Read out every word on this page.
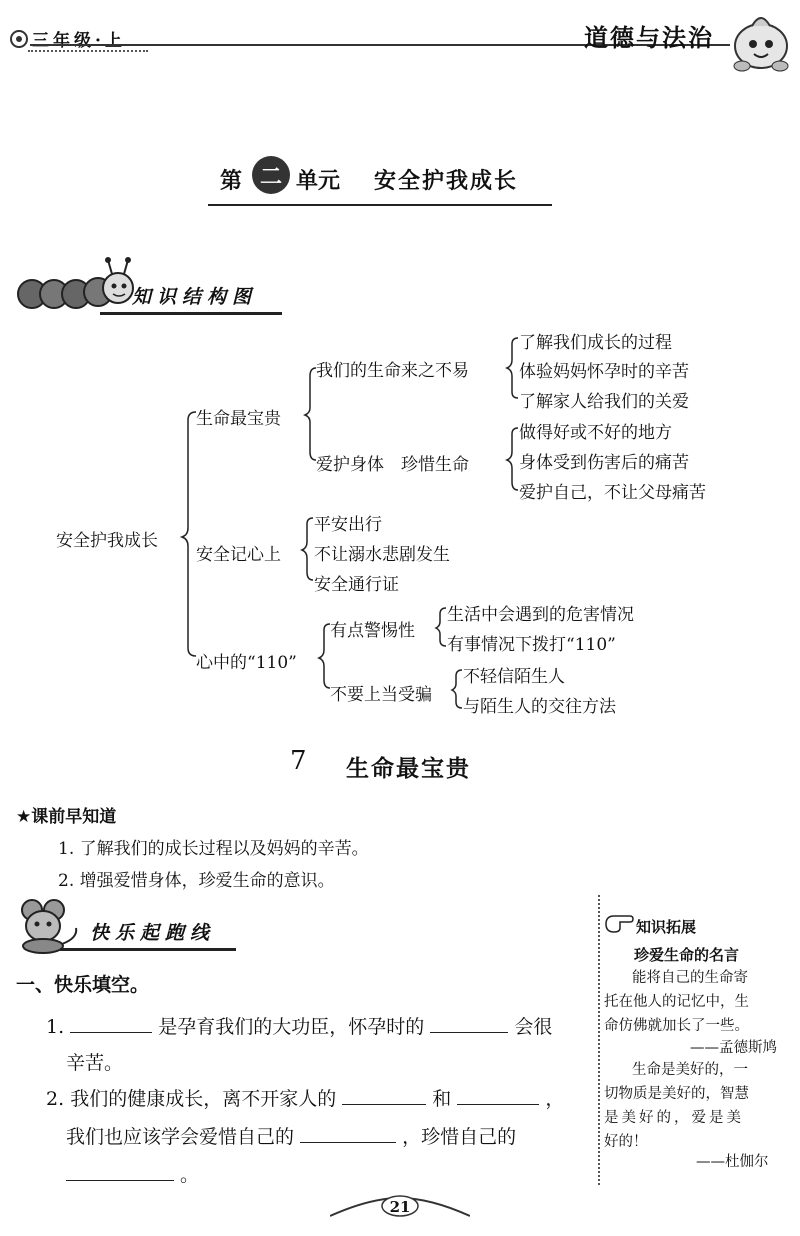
三年级·上	道德与法治
第 二 单元 安全护我成长
知识结构图
安全护我成长
生命最宝贵
我们的生命来之不易
了解我们成长的过程
体验妈妈怀孕时的辛苦
了解家人给我们的关爱
爱护身体　珍惜生命
做得好或不好的地方
身体受到伤害后的痛苦
爱护自己，不让父母痛苦
安全记心上
平安出行
不让溺水悲剧发生
安全通行证
心中的“110”
有点警惕性
生活中会遇到的危害情况
有事情况下拨打“110”
不要上当受骗
不轻信陌生人
与陌生人的交往方法
7 生命最宝贵
★课前早知道
1. 了解我们的成长过程以及妈妈的辛苦。
2. 增强爱惜身体，珍爱生命的意识。
快乐起跑线
一、快乐填空。
1.	是孕育我们的大功臣，怀孕时的	会很
辛苦。
2. 我们的健康成长，离不开家人的	和	，
我们也应该学会爱惜自己的	，珍惜自己的
。
知识拓展
珍爱生命的名言
能将自己的生命寄
托在他人的记忆中，生
命仿佛就加长了一些。
——孟德斯鸠
生命是美好的，一
切物质是美好的，智慧
是美好的，爱是美
好的！
——杜伽尔
21
